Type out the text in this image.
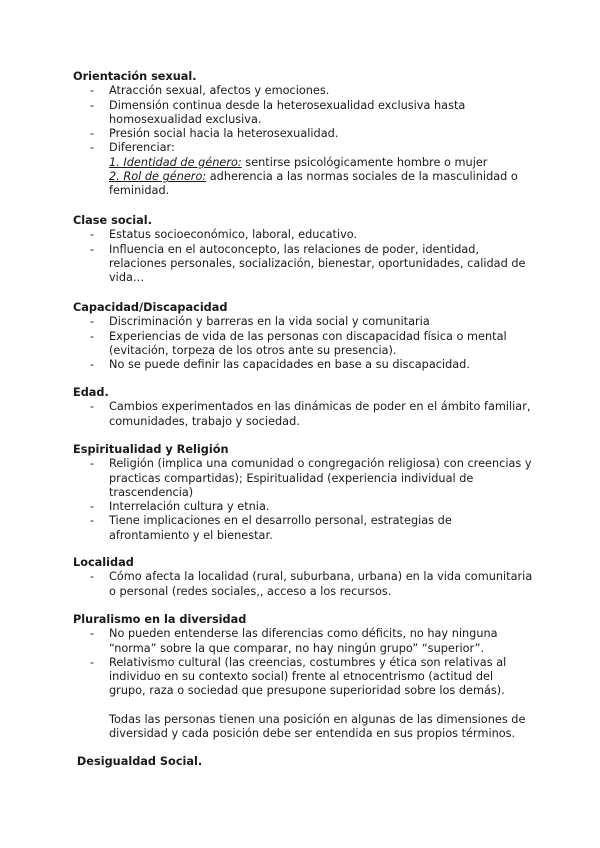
Orientación sexual.

- Atracción sexual, afectos y emociones.
- Dimensión continua desde la heterosexualidad exclusiva hasta homosexualidad exclusiva.
- Presión social hacia la heterosexualidad.
- Diferenciar:
1. Identidad de género: sentirse psicológicamente hombre o mujer
2. Rol de género: adherencia a las normas sociales de la masculinidad o feminidad.

Clase social.

- Estatus socioeconómico, laboral, educativo.
- Influencia en el autoconcepto, las relaciones de poder, identidad, relaciones personales, socialización, bienestar, oportunidades, calidad de vida…

Capacidad/Discapacidad

- Discriminación y barreras en la vida social y comunitaria
- Experiencias de vida de las personas con discapacidad física o mental (evitación, torpeza de los otros ante su presencia).
- No se puede definir las capacidades en base a su discapacidad.

Edad.

- Cambios experimentados en las dinámicas de poder en el ámbito familiar, comunidades, trabajo y sociedad.

Espiritualidad y Religión

- Religión (implica una comunidad o congregación religiosa) con creencias y practicas compartidas); Espiritualidad (experiencia individual de trascendencia)
- Interrelación cultura y etnia.
- Tiene implicaciones en el desarrollo personal, estrategias de afrontamiento y el bienestar.

Localidad

- Cómo afecta la localidad (rural, suburbana, urbana) en la vida comunitaria o personal (redes sociales,, acceso a los recursos.

Pluralismo en la diversidad

- No pueden entenderse las diferencias como déficits, no hay ninguna “norma” sobre la que comparar, no hay ningún grupo” “superior”.
- Relativismo cultural (las creencias, costumbres y ética son relativas al individuo en su contexto social) frente al etnocentrismo (actitud del grupo, raza o sociedad que presupone superioridad sobre los demás).
Todas las personas tienen una posición en algunas de las dimensiones de diversidad y cada posición debe ser entendida en sus propios términos.

Desigualdad Social.
